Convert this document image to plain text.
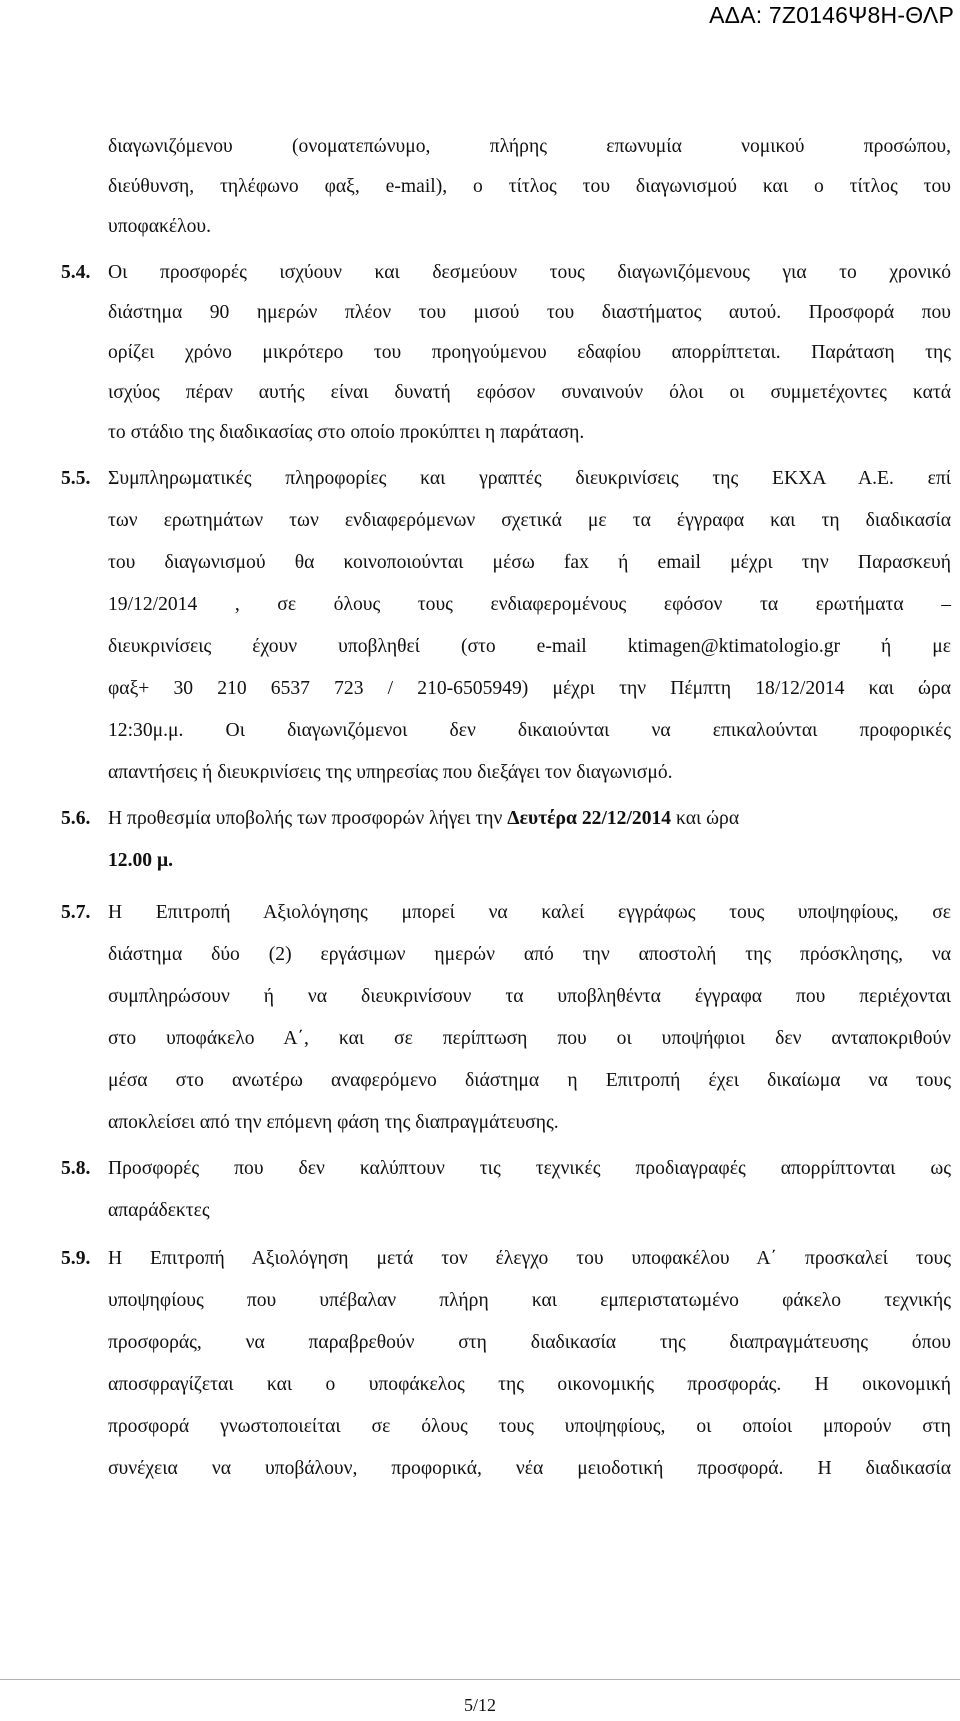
ΑΔΑ: 7Ζ0146Ψ8Η-ΘΛΡ
διαγωνιζόμενου (ονοματεπώνυμο, πλήρης επωνυμία νομικού προσώπου,
διεύθυνση, τηλέφωνο φαξ, e-mail), ο τίτλος του διαγωνισμού και ο τίτλος του
υποφακέλου.
5.4. Οι προσφορές ισχύουν και δεσμεύουν τους διαγωνιζόμενους για το χρονικό
διάστημα 90 ημερών πλέον του μισού του διαστήματος αυτού. Προσφορά που
ορίζει χρόνο μικρότερο του προηγούμενου εδαφίου απορρίπτεται. Παράταση της
ισχύος πέραν αυτής είναι δυνατή εφόσον συναινούν όλοι οι συμμετέχοντες κατά
το στάδιο της διαδικασίας στο οποίο προκύπτει η παράταση.
5.5. Συμπληρωματικές πληροφορίες και γραπτές διευκρινίσεις της ΕΚΧΑ Α.Ε. επί
των ερωτημάτων των ενδιαφερόμενων σχετικά με τα έγγραφα και τη διαδικασία
του διαγωνισμού θα κοινοποιούνται μέσω fax ή email μέχρι την Παρασκευή
19/12/2014 , σε όλους τους ενδιαφερομένους εφόσον τα ερωτήματα –
διευκρινίσεις έχουν υποβληθεί (στο e-mail ktimagen@ktimatologio.gr ή με
φαξ+ 30 210 6537 723 / 210-6505949) μέχρι την Πέμπτη 18/12/2014 και ώρα
12:30μ.μ. Οι διαγωνιζόμενοι δεν δικαιούνται να επικαλούνται προφορικές
απαντήσεις ή διευκρινίσεις της υπηρεσίας που διεξάγει τον διαγωνισμό.
5.6. Η προθεσμία υποβολής των προσφορών λήγει την Δευτέρα 22/12/2014 και ώρα
12.00 μ.
5.7. Η Επιτροπή Αξιολόγησης μπορεί να καλεί εγγράφως τους υποψηφίους, σε
διάστημα δύο (2) εργάσιμων ημερών από την αποστολή της πρόσκλησης, να
συμπληρώσουν ή να διευκρινίσουν τα υποβληθέντα έγγραφα που περιέχονται
στο υποφάκελο Α΄, και σε περίπτωση που οι υποψήφιοι δεν ανταποκριθούν
μέσα στο ανωτέρω αναφερόμενο διάστημα η Επιτροπή έχει δικαίωμα να τους
αποκλείσει από την επόμενη φάση της διαπραγμάτευσης.
5.8. Προσφορές που δεν καλύπτουν τις τεχνικές προδιαγραφές απορρίπτονται ως
απαράδεκτες
5.9. Η Επιτροπή Αξιολόγηση μετά τον έλεγχο του υποφακέλου Α΄ προσκαλεί τους
υποψηφίους που υπέβαλαν πλήρη και εμπεριστατωμένο φάκελο τεχνικής
προσφοράς, να παραβρεθούν στη διαδικασία της διαπραγμάτευσης όπου
αποσφραγίζεται και ο υποφάκελος της οικονομικής προσφοράς. Η οικονομική
προσφορά γνωστοποιείται σε όλους τους υποψηφίους, οι οποίοι μπορούν στη
συνέχεια να υποβάλουν, προφορικά, νέα μειοδοτική προσφορά. Η διαδικασία
5/12
